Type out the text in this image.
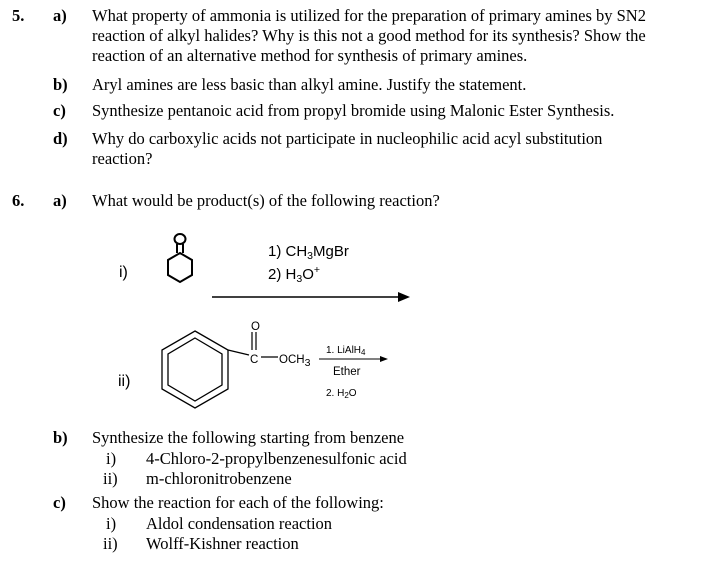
5. a) What property of ammonia is utilized for the preparation of primary amines by SN2
reaction of alkyl halides? Why is this not a good method for its synthesis? Show the
reaction of an alternative method for synthesis of primary amines.
b) Aryl amines are less basic than alkyl amine. Justify the statement.
c) Synthesize pentanoic acid from propyl bromide using Malonic Ester Synthesis.
d) Why do carboxylic acids not participate in nucleophilic acid acyl substitution
reaction?
6. a) What would be product(s) of the following reaction?
i)
1) $CH_3MgBr$
2) $H_3O^+$
ii)
O
C OCH3
1. LiAlH$_4$
Ether
2. $H_2O$
b) Synthesize the following starting from benzene
i) 4-Chloro-2-propylbenzenesulfonic acid
ii) m-chloronitrobenzene
c) Show the reaction for each of the following:
i) Aldol condensation reaction
ii) Wolff-Kishner reaction
